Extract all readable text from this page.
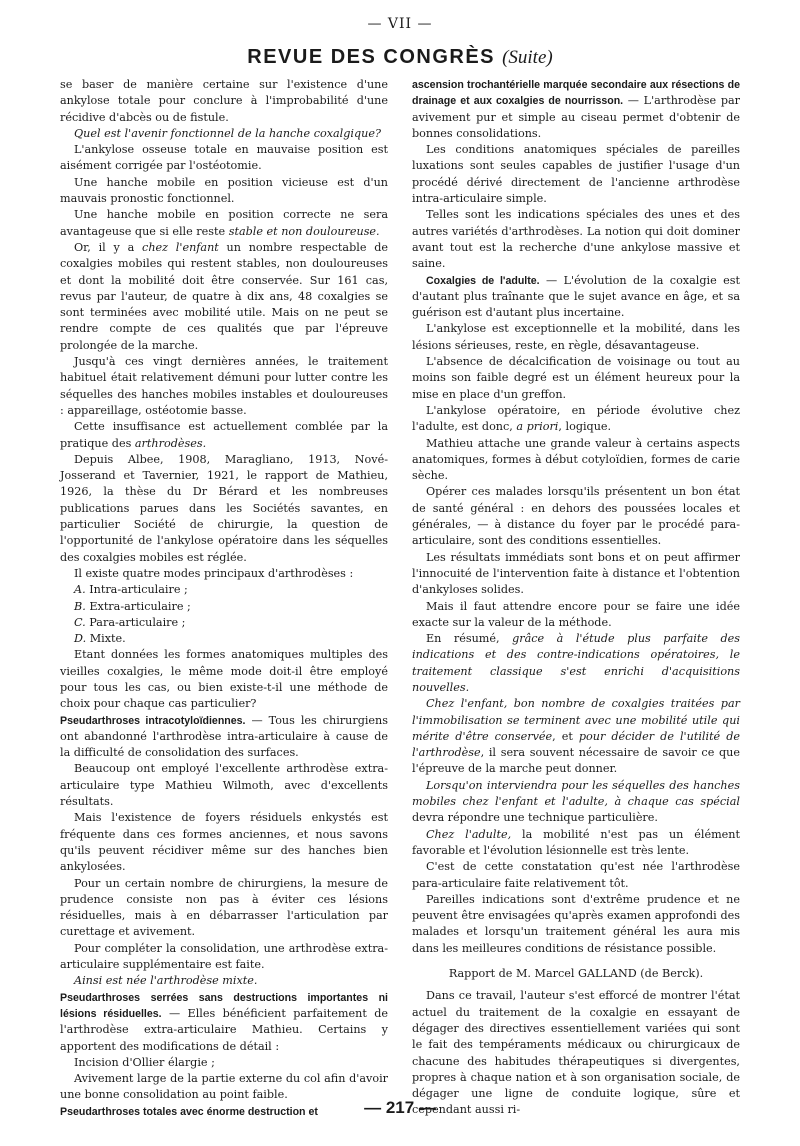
— VII —
REVUE DES CONGRÈS (Suite)

se baser de manière certaine sur l'existence d'une ankylose totale pour conclure à l'improbabilité d'une récidive d'abcès ou de fistule.

Quel est l'avenir fonctionnel de la hanche coxalgique?

L'ankylose osseuse totale en mauvaise position est aisément corrigée par l'ostéotomie.

Une hanche mobile en position vicieuse est d'un mauvais pronostic fonctionnel.

Une hanche mobile en position correcte ne sera avantageuse que si elle reste stable et non douloureuse.

Or, il y a chez l'enfant un nombre respectable de coxalgies mobiles qui restent stables, non douloureuses et dont la mobilité doit être conservée. Sur 161 cas, revus par l'auteur, de quatre à dix ans, 48 coxalgies se sont terminées avec mobilité utile. Mais on ne peut se rendre compte de ces qualités que par l'épreuve prolongée de la marche.

Jusqu'à ces vingt dernières années, le traitement habituel était relativement démuni pour lutter contre les séquelles des hanches mobiles instables et douloureuses : appareillage, ostéotomie basse.

Cette insuffisance est actuellement comblée par la pratique des arthrodèses.

Depuis Albee, 1908, Maragliano, 1913, Nové-Josserand et Tavernier, 1921, le rapport de Mathieu, 1926, la thèse du Dr Bérard et les nombreuses publications parues dans les Sociétés savantes, en particulier Société de chirurgie, la question de l'opportunité de l'ankylose opératoire dans les séquelles des coxalgies mobiles est réglée.

Il existe quatre modes principaux d'arthrodèses :

A. Intra-articulaire ;

B. Extra-articulaire ;

C. Para-articulaire ;

D. Mixte.

Etant données les formes anatomiques multiples des vieilles coxalgies, le même mode doit-il être employé pour tous les cas, ou bien existe-t-il une méthode de choix pour chaque cas particulier?

Pseudarthroses intracotyloïdiennes. — Tous les chirurgiens ont abandonné l'arthrodèse intra-articulaire à cause de la difficulté de consolidation des surfaces.

Beaucoup ont employé l'excellente arthrodèse extra-articulaire type Mathieu Wilmoth, avec d'excellents résultats.

Mais l'existence de foyers résiduels enkystés est fréquente dans ces formes anciennes, et nous savons qu'ils peuvent récidiver même sur des hanches bien ankylosées.

Pour un certain nombre de chirurgiens, la mesure de prudence consiste non pas à éviter ces lésions résiduelles, mais à en débarrasser l'articulation par curettage et avivement.

Pour compléter la consolidation, une arthrodèse extra-articulaire supplémentaire est faite.

Ainsi est née l'arthrodèse mixte.

Pseudarthroses serrées sans destructions importantes ni lésions résiduelles. — Elles bénéficient parfaitement de l'arthrodèse extra-articulaire Mathieu. Certains y apportent des modifications de détail :

Incision d'Ollier élargie ;

Avivement large de la partie externe du col afin d'avoir une bonne consolidation au point faible.

Pseudarthroses totales avec énorme destruction et

ascension trochantérielle marquée secondaire aux résections de drainage et aux coxalgies de nourrisson. — L'arthrodèse par avivement pur et simple au ciseau permet d'obtenir de bonnes consolidations.

Les conditions anatomiques spéciales de pareilles luxations sont seules capables de justifier l'usage d'un procédé dérivé directement de l'ancienne arthrodèse intra-articulaire simple.

Telles sont les indications spéciales des unes et des autres variétés d'arthrodèses. La notion qui doit dominer avant tout est la recherche d'une ankylose massive et saine.

Coxalgies de l'adulte. — L'évolution de la coxalgie est d'autant plus traînante que le sujet avance en âge, et sa guérison est d'autant plus incertaine.

L'ankylose est exceptionnelle et la mobilité, dans les lésions sérieuses, reste, en règle, désavantageuse.

L'absence de décalcification de voisinage ou tout au moins son faible degré est un élément heureux pour la mise en place d'un greffon.

L'ankylose opératoire, en période évolutive chez l'adulte, est donc, a priori, logique.

Mathieu attache une grande valeur à certains aspects anatomiques, formes à début cotyloïdien, formes de carie sèche.

Opérer ces malades lorsqu'ils présentent un bon état de santé général : en dehors des poussées locales et générales, — à distance du foyer par le procédé para-articulaire, sont des conditions essentielles.

Les résultats immédiats sont bons et on peut affirmer l'innocuité de l'intervention faite à distance et l'obtention d'ankyloses solides.

Mais il faut attendre encore pour se faire une idée exacte sur la valeur de la méthode.

En résumé, grâce à l'étude plus parfaite des indications et des contre-indications opératoires, le traitement classique s'est enrichi d'acquisitions nouvelles.

Chez l'enfant, bon nombre de coxalgies traitées par l'immobilisation se terminent avec une mobilité utile qui mérite d'être conservée, et pour décider de l'utilité de l'arthrodèse, il sera souvent nécessaire de savoir ce que l'épreuve de la marche peut donner.

Lorsqu'on interviendra pour les séquelles des hanches mobiles chez l'enfant et l'adulte, à chaque cas spécial devra répondre une technique particulière.

Chez l'adulte, la mobilité n'est pas un élément favorable et l'évolution lésionnelle est très lente.

C'est de cette constatation qu'est née l'arthrodèse para-articulaire faite relativement tôt.

Pareilles indications sont d'extrême prudence et ne peuvent être envisagées qu'après examen approfondi des malades et lorsqu'un traitement général les aura mis dans les meilleures conditions de résistance possible.

Rapport de M. Marcel GALLAND (de Berck).

Dans ce travail, l'auteur s'est efforcé de montrer l'état actuel du traitement de la coxalgie en essayant de dégager des directives essentiellement variées qui sont le fait des tempéraments médicaux ou chirurgicaux de chacune des habitudes thérapeutiques si divergentes, propres à chaque nation et à son organisation sociale, de dégager une ligne de conduite logique, sûre et cependant aussi ri-

— 217 —
